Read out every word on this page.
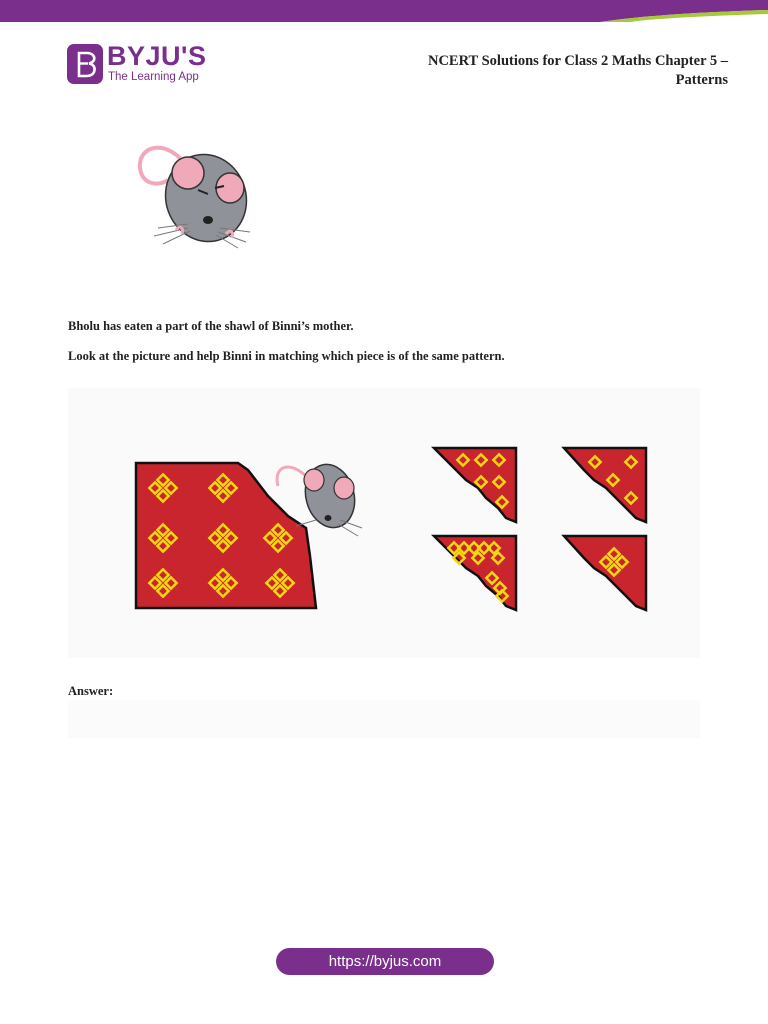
BYJU'S
The Learning App
NCERT Solutions for Class 2 Maths Chapter 5 –
Patterns
Bholu has eaten a part of the shawl of Binni’s mother.
Look at the picture and help Binni in matching which piece is of the same pattern.
Answer:
https://byjus.com
